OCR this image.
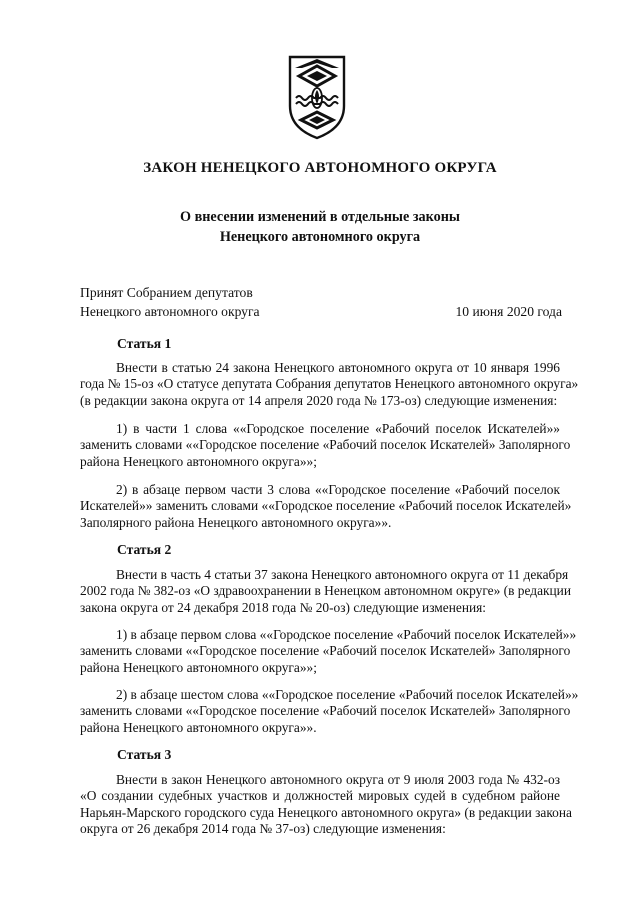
ЗАКОН НЕНЕЦКОГО АВТОНОМНОГО ОКРУГА
О внесении изменений в отдельные законы
Ненецкого автономного округа
Принят Собранием депутатов
Ненецкого автономного округа	10 июня 2020 года
Статья 1
Внести в статью 24 закона Ненецкого автономного округа от 10 января 1996
года № 15-оз «О статусе депутата Собрания депутатов Ненецкого автономного округа»
(в редакции закона округа от 14 апреля 2020 года № 173-оз) следующие изменения:
1) в части 1 слова ««Городское поселение «Рабочий поселок Искателей»»
заменить словами ««Городское поселение «Рабочий поселок Искателей» Заполярного
района Ненецкого автономного округа»»;
2) в абзаце первом части 3 слова ««Городское поселение «Рабочий поселок
Искателей»» заменить словами ««Городское поселение «Рабочий поселок Искателей»
Заполярного района Ненецкого автономного округа»».
Статья 2
Внести в часть 4 статьи 37 закона Ненецкого автономного округа от 11 декабря
2002 года № 382-оз «О здравоохранении в Ненецком автономном округе» (в редакции
закона округа от 24 декабря 2018 года № 20-оз) следующие изменения:
1) в абзаце первом слова ««Городское поселение «Рабочий поселок Искателей»»
заменить словами ««Городское поселение «Рабочий поселок Искателей» Заполярного
района Ненецкого автономного округа»»;
2) в абзаце шестом слова ««Городское поселение «Рабочий поселок Искателей»»
заменить словами ««Городское поселение «Рабочий поселок Искателей» Заполярного
района Ненецкого автономного округа»».
Статья 3
Внести в закон Ненецкого автономного округа от 9 июля 2003 года № 432-оз
«О создании судебных участков и должностей мировых судей в судебном районе
Нарьян-Марского городского суда Ненецкого автономного округа» (в редакции закона
округа от 26 декабря 2014 года № 37-оз) следующие изменения:
